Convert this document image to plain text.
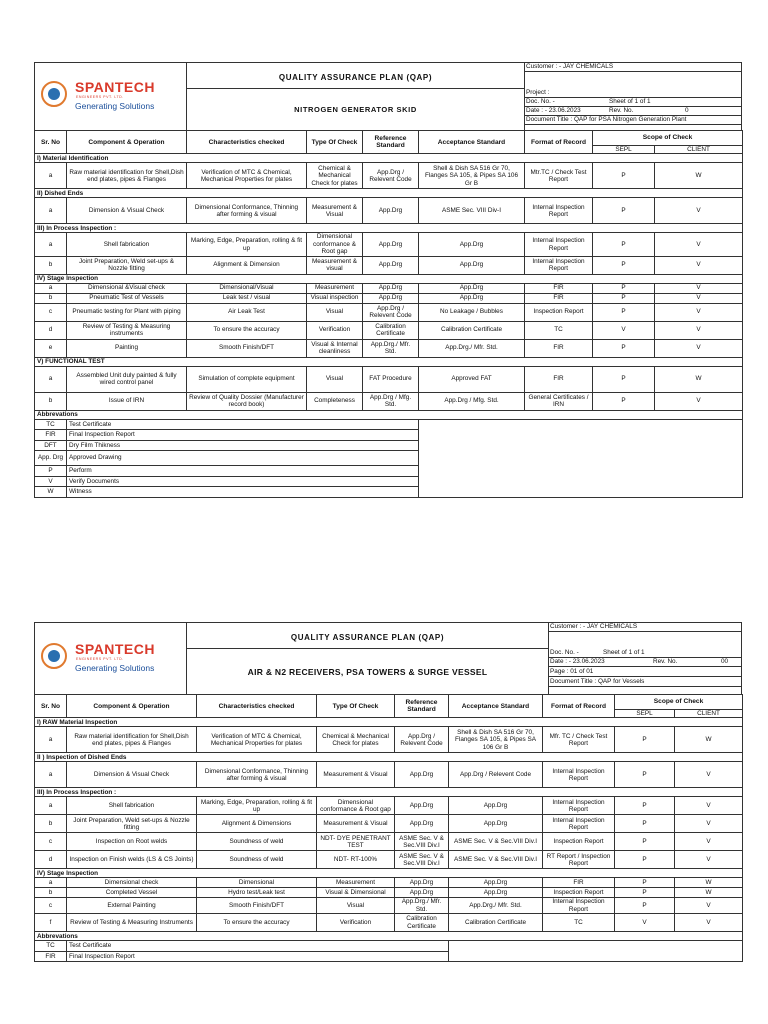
SPANTECH
ENGINEERS PVT. LTD.
Generating Solutions
QUALITY ASSURANCE PLAN (QAP)
NITROGEN GENERATOR SKID
Customer : - JAY CHEMICALS
Project :
Doc. No. -	Sheet of 1 of 1
Date : - 23.06.2023	Rev. No.	0
Document Title : QAP for PSA Nitrogen Generation Plant
Sr. No	Component & Operation	Characteristics checked	Type Of Check	Reference Standard	Acceptance Standard	Format of Record	Scope of Check	
							SEPL	CLIENT
I) Material Identification								
a	Raw material identification for Shell,Dish end plates, pipes & Flanges	Verification of MTC & Chemical, Mechanical Properties for plates	Chemical & Mechanical Check for plates	App.Drg / Relevent Code	Shell & Dish SA 516 Gr 70, Flanges SA 105, & Pipes SA 106 Gr B	Mtr.TC / Check Test Report	P	W
II) Dished Ends								
a	Dimension & Visual Check	Dimensional Conformance, Thinning after forming & visual	Measurement & Visual	App.Drg	ASME Sec. VIII Div-I	Internal Inspection Report	P	V
III) In Process Inspection :								
a	Shell fabrication	Marking, Edge, Preparation, rolling & fit up	Dimensional conformance & Root gap	App.Drg	App.Drg	Internal Inspection Report	P	V
b	Joint Preparation, Weld set-ups & Nozzle fitting	Alignment & Dimension	Measurement & visual	App.Drg	App.Drg	Internal Inspection Report	P	V
IV) Stage Inspection								
a	Dimensional &Visual check	Dimensional/Visual	Measurement	App.Drg	App.Drg	FIR	P	V
b	Pneumatic Test of Vessels	Leak test / visual	Visual inspection	App.Drg	App.Drg	FIR	P	V
c	Pneumatic testing for Plant with piping	Air Leak Test	Visual	App.Drg / Relevent Code	No Leakage / Bubbles	Inspection Report	P	V
d	Review of Testing & Measuring instruments	To ensure the accuracy	Verification	Calibration Certificate	Calibration Certificate	TC	V	V
e	Painting	Smooth Finish/DFT	Visual & Internal cleanliness	App.Drg./ Mfr. Std.	App.Drg./ Mfr. Std.	FIR	P	V
V) FUNCTIONAL TEST								
a	Assembled Unit duly painted & fully wired control panel	Simulation of complete equipment	Visual	FAT Procedure	Approved FAT	FIR	P	W
b	Issue of IRN	Review of Quality Dossier (Manufacturer record book)	Completeness	App.Drg / Mfg. Std.	App.Drg / Mfg. Std.	General Certificates / IRN	P	V
Abbrevations								
TC	Test Certificate							
FIR	Final Inspection Report							
DFT	Dry Film Thikness							
App. Drg	Approved Drawing							
P	Perform							
V	Verify Documents							
W	Witness							
SPANTECH
ENGINEERS PVT. LTD.
Generating Solutions
QUALITY ASSURANCE PLAN (QAP)
AIR & N2 RECEIVERS, PSA TOWERS & SURGE VESSEL
Customer : - JAY CHEMICALS
Doc. No. -	Sheet of 1 of 1
Date : - 23.06.2023	Rev. No.	00
Page : 01 of 01
Document Title : QAP for Vessels
Sr. No	Component & Operation	Characteristics checked	Type Of Check	Reference Standard	Acceptance Standard	Format of Record	Scope of Check	
							SEPL	CLIENT
I) RAW Material Inspection								
a	Raw material identification for Shell,Dish end plates, pipes & Flanges	Verification of MTC & Chemical, Mechanical Properties for plates	Chemical & Mechanical Check for plates	App.Drg / Relevent Code	Shell & Dish SA 516 Gr 70, Flanges SA 105, & Pipes SA 106 Gr B	Mfr. TC / Check Test Report	P	W
II ) Inspection of Dished Ends								
a	Dimension & Visual Check	Dimensional Conformance, Thinning after forming & visual	Measurement & Visual	App.Drg	App.Drg / Relevent Code	Internal Inspection Report	P	V
III) In Process Inspection :								
a	Shell fabrication	Marking, Edge, Preparation, rolling & fit up	Dimensional conformance & Root gap	App.Drg	App.Drg	Internal Inspection Report	P	V
b	Joint Preparation, Weld set-ups & Nozzle fitting	Alignment & Dimensions	Measurement & Visual	App.Drg	App.Drg	Internal Inspection Report	P	V
c	Inspection on Root welds	Soundness of weld	NDT- DYE PENETRANT TEST	ASME Sec. V & Sec.VIII Div.I	ASME Sec. V & Sec.VIII Div.I	Inspection Report	P	V
d	Inspection on Finish welds (LS & CS Joints)	Soundness of weld	NDT- RT-100%	ASME Sec. V & Sec.VIII Div.I	ASME Sec. V & Sec.VIII Div.I	RT Report / Inspection Report	P	V
IV) Stage Inspection								
a	Dimensional check	Dimensional	Measurement	App.Drg	App.Drg	FIR	P	W
b	Completed Vessel	Hydro test/Leak test	Visual & Dimensional	App.Drg	App.Drg	Inspection Report	P	W
c	External Painting	Smooth Finish/DFT	Visual	App.Drg./ Mfr. Std.	App.Drg./ Mfr. Std.	Internal Inspection Report	P	V
f	Review of Testing & Measuring Instruments	To ensure the accuracy	Verification	Calibration Certificate	Calibration Certificate	TC	V	V
Abbrevations								
TC	Test Certificate							
FIR	Final Inspection Report							
